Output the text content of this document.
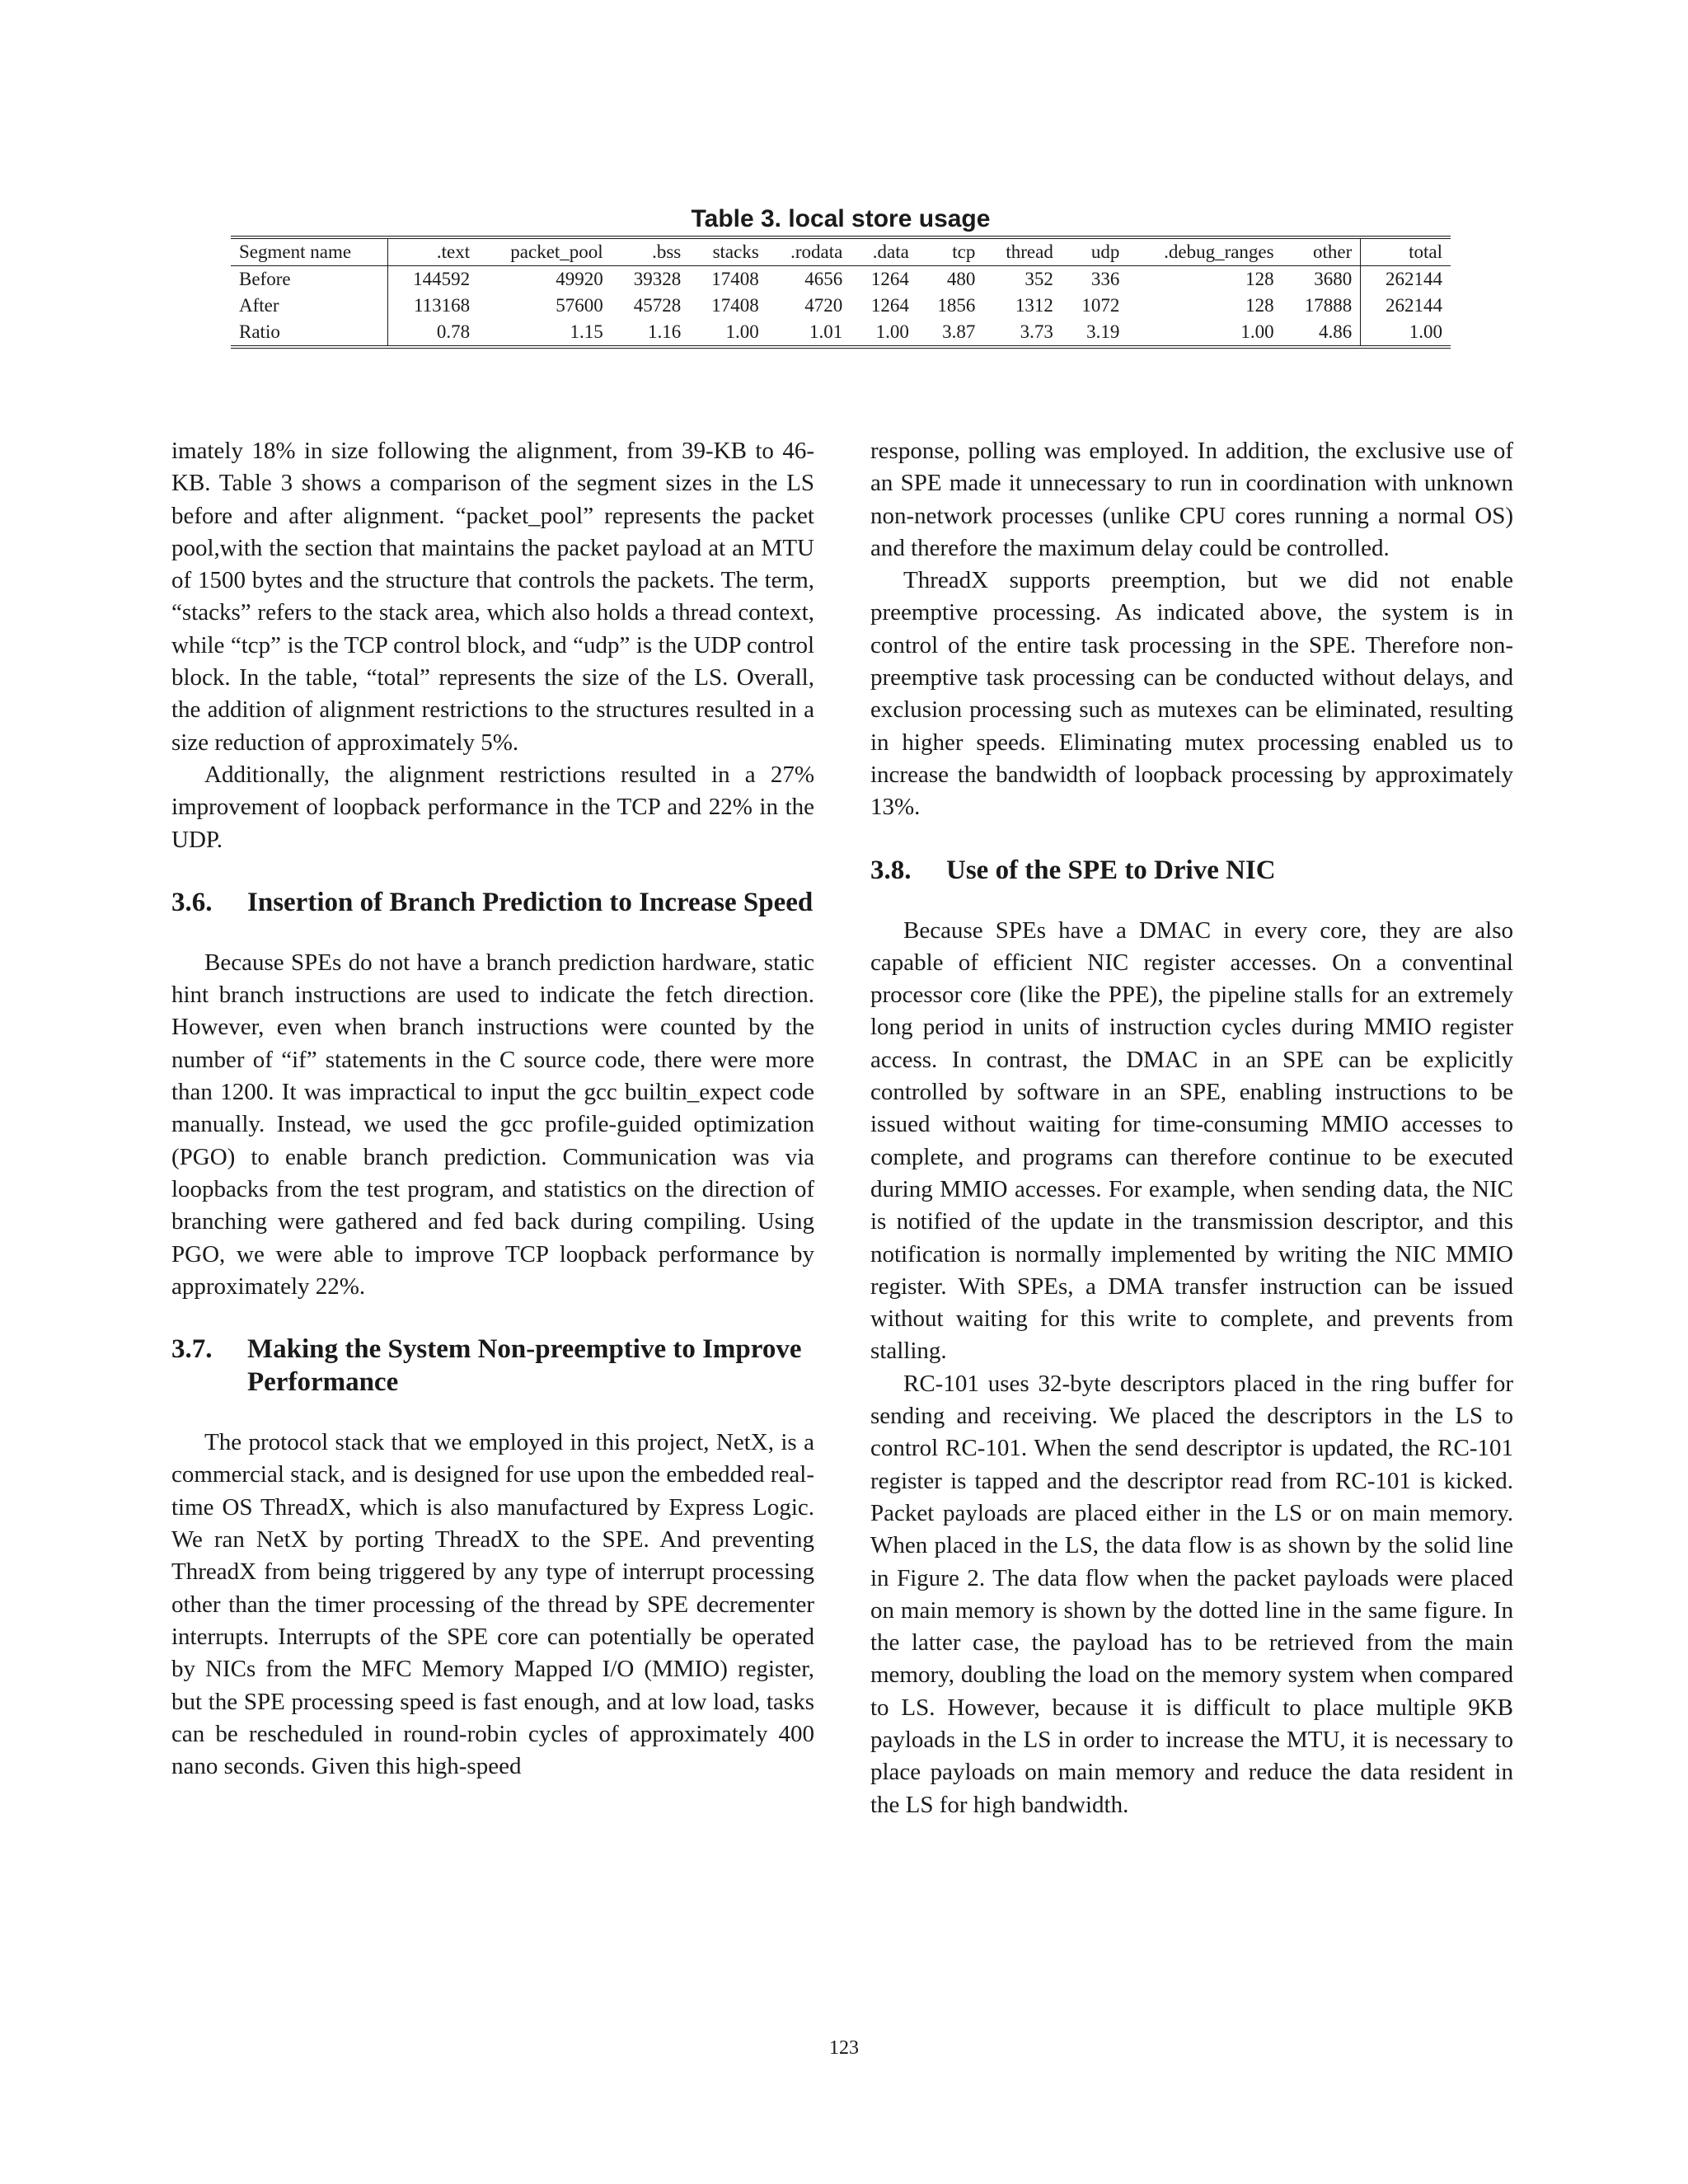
Table 3. local store usage
Segment name	.text	packet_pool	.bss	stacks	.rodata	.data	tcp	thread	udp	.debug_ranges	other	total
Before	144592	49920	39328	17408	4656	1264	480	352	336	128	3680	262144
After	113168	57600	45728	17408	4720	1264	1856	1312	1072	128	17888	262144
Ratio	0.78	1.15	1.16	1.00	1.01	1.00	3.87	3.73	3.19	1.00	4.86	1.00

imately 18% in size following the alignment, from 39-KB to 46-KB. Table 3 shows a comparison of the segment sizes in the LS before and after alignment. “packet_pool” represents the packet pool,with the section that maintains the packet payload at an MTU of 1500 bytes and the structure that controls the packets. The term, “stacks” refers to the stack area, which also holds a thread context, while “tcp” is the TCP control block, and “udp” is the UDP control block. In the table, “total” represents the size of the LS. Overall, the addition of alignment restrictions to the structures resulted in a size reduction of approximately 5%.

Additionally, the alignment restrictions resulted in a 27% improvement of loopback performance in the TCP and 22% in the UDP.

3.6. Insertion of Branch Prediction to Increase Speed

Because SPEs do not have a branch prediction hardware, static hint branch instructions are used to indicate the fetch direction. However, even when branch instructions were counted by the number of “if” statements in the C source code, there were more than 1200. It was impractical to input the gcc builtin_expect code manually. Instead, we used the gcc profile-guided optimization (PGO) to enable branch prediction. Communication was via loopbacks from the test program, and statistics on the direction of branching were gathered and fed back during compiling. Using PGO, we were able to improve TCP loopback performance by approximately 22%.

3.7. Making the System Non-preemptive to Improve Performance

The protocol stack that we employed in this project, NetX, is a commercial stack, and is designed for use upon the embedded real-time OS ThreadX, which is also manufactured by Express Logic. We ran NetX by porting ThreadX to the SPE. And preventing ThreadX from being triggered by any type of interrupt processing other than the timer processing of the thread by SPE decrementer interrupts. Interrupts of the SPE core can potentially be operated by NICs from the MFC Memory Mapped I/O (MMIO) register, but the SPE processing speed is fast enough, and at low load, tasks can be rescheduled in round-robin cycles of approximately 400 nano seconds. Given this high-speed

response, polling was employed. In addition, the exclusive use of an SPE made it unnecessary to run in coordination with unknown non-network processes (unlike CPU cores running a normal OS) and therefore the maximum delay could be controlled.

ThreadX supports preemption, but we did not enable preemptive processing. As indicated above, the system is in control of the entire task processing in the SPE. Therefore non-preemptive task processing can be conducted without delays, and exclusion processing such as mutexes can be eliminated, resulting in higher speeds. Eliminating mutex processing enabled us to increase the bandwidth of loopback processing by approximately 13%.

3.8. Use of the SPE to Drive NIC

Because SPEs have a DMAC in every core, they are also capable of efficient NIC register accesses. On a conventinal processor core (like the PPE), the pipeline stalls for an extremely long period in units of instruction cycles during MMIO register access. In contrast, the DMAC in an SPE can be explicitly controlled by software in an SPE, enabling instructions to be issued without waiting for time-consuming MMIO accesses to complete, and programs can therefore continue to be executed during MMIO accesses. For example, when sending data, the NIC is notified of the update in the transmission descriptor, and this notification is normally implemented by writing the NIC MMIO register. With SPEs, a DMA transfer instruction can be issued without waiting for this write to complete, and prevents from stalling.

RC-101 uses 32-byte descriptors placed in the ring buffer for sending and receiving. We placed the descriptors in the LS to control RC-101. When the send descriptor is updated, the RC-101 register is tapped and the descriptor read from RC-101 is kicked. Packet payloads are placed either in the LS or on main memory. When placed in the LS, the data flow is as shown by the solid line in Figure 2. The data flow when the packet payloads were placed on main memory is shown by the dotted line in the same figure. In the latter case, the payload has to be retrieved from the main memory, doubling the load on the memory system when compared to LS. However, because it is difficult to place multiple 9KB payloads in the LS in order to increase the MTU, it is necessary to place payloads on main memory and reduce the data resident in the LS for high bandwidth.

123
